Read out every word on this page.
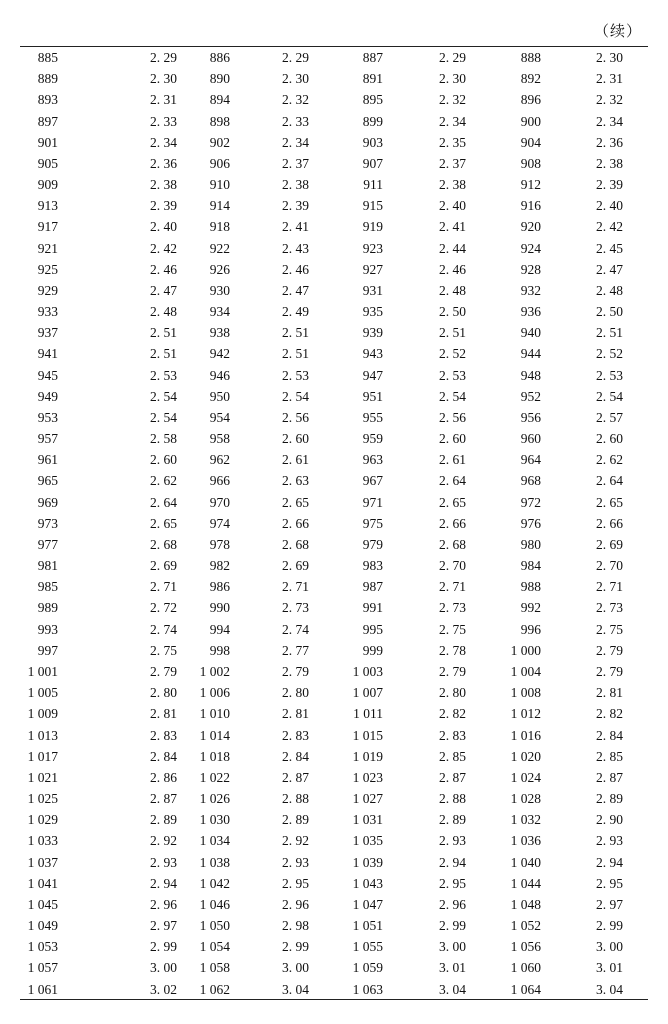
（续）
885	2. 29 886	2. 29	887	2. 29	888	2. 30
889	2. 30 890	2. 30	891	2. 30	892	2. 31
893	2. 31 894	2. 32	895	2. 32	896	2. 32
897	2. 33 898	2. 33	899	2. 34	900	2. 34
901	2. 34 902	2. 34	903	2. 35	904	2. 36
905	2. 36 906	2. 37	907	2. 37	908	2. 38
909	2. 38 910	2. 38	911	2. 38	912	2. 39
913	2. 39 914	2. 39	915	2. 40	916	2. 40
917	2. 40 918	2. 41	919	2. 41	920	2. 42
921	2. 42 922	2. 43	923	2. 44	924	2. 45
925	2. 46 926	2. 46	927	2. 46	928	2. 47
929	2. 47 930	2. 47	931	2. 48	932	2. 48
933	2. 48 934	2. 49	935	2. 50	936	2. 50
937	2. 51 938	2. 51	939	2. 51	940	2. 51
941	2. 51 942	2. 51	943	2. 52	944	2. 52
945	2. 53 946	2. 53	947	2. 53	948	2. 53
949	2. 54 950	2. 54	951	2. 54	952	2. 54
953	2. 54 954	2. 56	955	2. 56	956	2. 57
957	2. 58 958	2. 60	959	2. 60	960	2. 60
961	2. 60 962	2. 61	963	2. 61	964	2. 62
965	2. 62 966	2. 63	967	2. 64	968	2. 64
969	2. 64 970	2. 65	971	2. 65	972	2. 65
973	2. 65 974	2. 66	975	2. 66	976	2. 66
977	2. 68 978	2. 68	979	2. 68	980	2. 69
981	2. 69 982	2. 69	983	2. 70	984	2. 70
985	2. 71 986	2. 71	987	2. 71	988	2. 71
989	2. 72 990	2. 73	991	2. 73	992	2. 73
993	2. 74 994	2. 74	995	2. 75	996	2. 75
997	2. 75 998	2. 77	999	2. 78	1 000	2. 79
1 001	2. 79 1 002	2. 79	1 003	2. 79	1 004	2. 79
1 005	2. 80 1 006	2. 80	1 007	2. 80	1 008	2. 81
1 009	2. 81 1 010	2. 81	1 011	2. 82	1 012	2. 82
1 013	2. 83 1 014	2. 83	1 015	2. 83	1 016	2. 84
1 017	2. 84 1 018	2. 84	1 019	2. 85	1 020	2. 85
1 021	2. 86 1 022	2. 87	1 023	2. 87	1 024	2. 87
1 025	2. 87 1 026	2. 88	1 027	2. 88	1 028	2. 89
1 029	2. 89 1 030	2. 89	1 031	2. 89	1 032	2. 90
1 033	2. 92 1 034	2. 92	1 035	2. 93	1 036	2. 93
1 037	2. 93 1 038	2. 93	1 039	2. 94	1 040	2. 94
1 041	2. 94 1 042	2. 95	1 043	2. 95	1 044	2. 95
1 045	2. 96 1 046	2. 96	1 047	2. 96	1 048	2. 97
1 049	2. 97 1 050	2. 98	1 051	2. 99	1 052	2. 99
1 053	2. 99 1 054	2. 99	1 055	3. 00	1 056	3. 00
1 057	3. 00 1 058	3. 00	1 059	3. 01	1 060	3. 01
1 061	3. 02 1 062	3. 04	1 063	3. 04	1 064	3. 04
